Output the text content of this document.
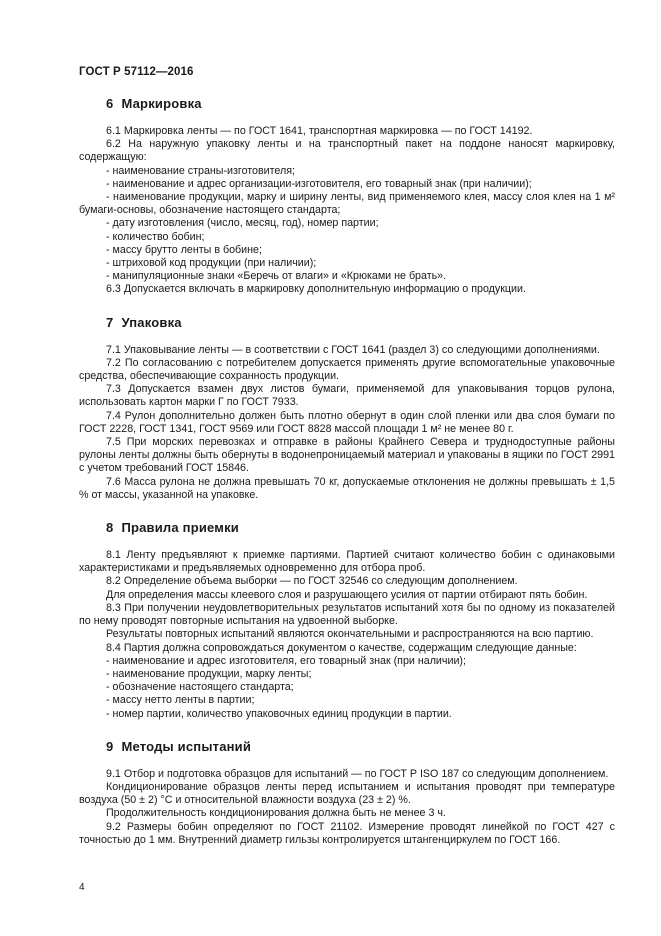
ГОСТ Р 57112—2016
6 Маркировка

6.1 Маркировка ленты — по ГОСТ 1641, транспортная маркировка — по ГОСТ 14192.

6.2 На наружную упаковку ленты и на транспортный пакет на поддоне наносят маркировку, содержащую:

- наименование страны-изготовителя;

- наименование и адрес организации-изготовителя, его товарный знак (при наличии);

- наименование продукции, марку и ширину ленты, вид применяемого клея, массу слоя клея на 1 м² бумаги-основы, обозначение настоящего стандарта;

- дату изготовления (число, месяц, год), номер партии;

- количество бобин;

- массу брутто ленты в бобине;

- штриховой код продукции (при наличии);

- манипуляционные знаки «Беречь от влаги» и «Крюками не брать».

6.3 Допускается включать в маркировку дополнительную информацию о продукции.

7 Упаковка

7.1 Упаковывание ленты — в соответствии с ГОСТ 1641 (раздел 3) со следующими дополнениями.

7.2 По согласованию с потребителем допускается применять другие вспомогательные упаковочные средства, обеспечивающие сохранность продукции.

7.3 Допускается взамен двух листов бумаги, применяемой для упаковывания торцов рулона, использовать картон марки Г по ГОСТ 7933.

7.4 Рулон дополнительно должен быть плотно обернут в один слой пленки или два слоя бумаги по ГОСТ 2228, ГОСТ 1341, ГОСТ 9569 или ГОСТ 8828 массой площади 1 м² не менее 80 г.

7.5 При морских перевозках и отправке в районы Крайнего Севера и труднодоступные районы рулоны ленты должны быть обернуты в водонепроницаемый материал и упакованы в ящики по ГОСТ 2991 с учетом требований ГОСТ 15846.

7.6 Масса рулона не должна превышать 70 кг, допускаемые отклонения не должны превышать ± 1,5 % от массы, указанной на упаковке.

8 Правила приемки

8.1 Ленту предъявляют к приемке партиями. Партией считают количество бобин с одинаковыми характеристиками и предъявляемых одновременно для отбора проб.

8.2 Определение объема выборки — по ГОСТ 32546 со следующим дополнением.

Для определения массы клеевого слоя и разрушающего усилия от партии отбирают пять бобин.

8.3 При получении неудовлетворительных результатов испытаний хотя бы по одному из показателей по нему проводят повторные испытания на удвоенной выборке.

Результаты повторных испытаний являются окончательными и распространяются на всю партию.

8.4 Партия должна сопровождаться документом о качестве, содержащим следующие данные:

- наименование и адрес изготовителя, его товарный знак (при наличии);

- наименование продукции, марку ленты;

- обозначение настоящего стандарта;

- массу нетто ленты в партии;

- номер партии, количество упаковочных единиц продукции в партии.

9 Методы испытаний

9.1 Отбор и подготовка образцов для испытаний — по ГОСТ Р ISO 187 со следующим дополнением.

Кондиционирование образцов ленты перед испытанием и испытания проводят при температуре воздуха (50 ± 2) °С и относительной влажности воздуха (23 ± 2) %.

Продолжительность кондиционирования должна быть не менее 3 ч.

9.2 Размеры бобин определяют по ГОСТ 21102. Измерение проводят линейкой по ГОСТ 427 с точностью до 1 мм. Внутренний диаметр гильзы контролируется штангенциркулем по ГОСТ 166.

4
